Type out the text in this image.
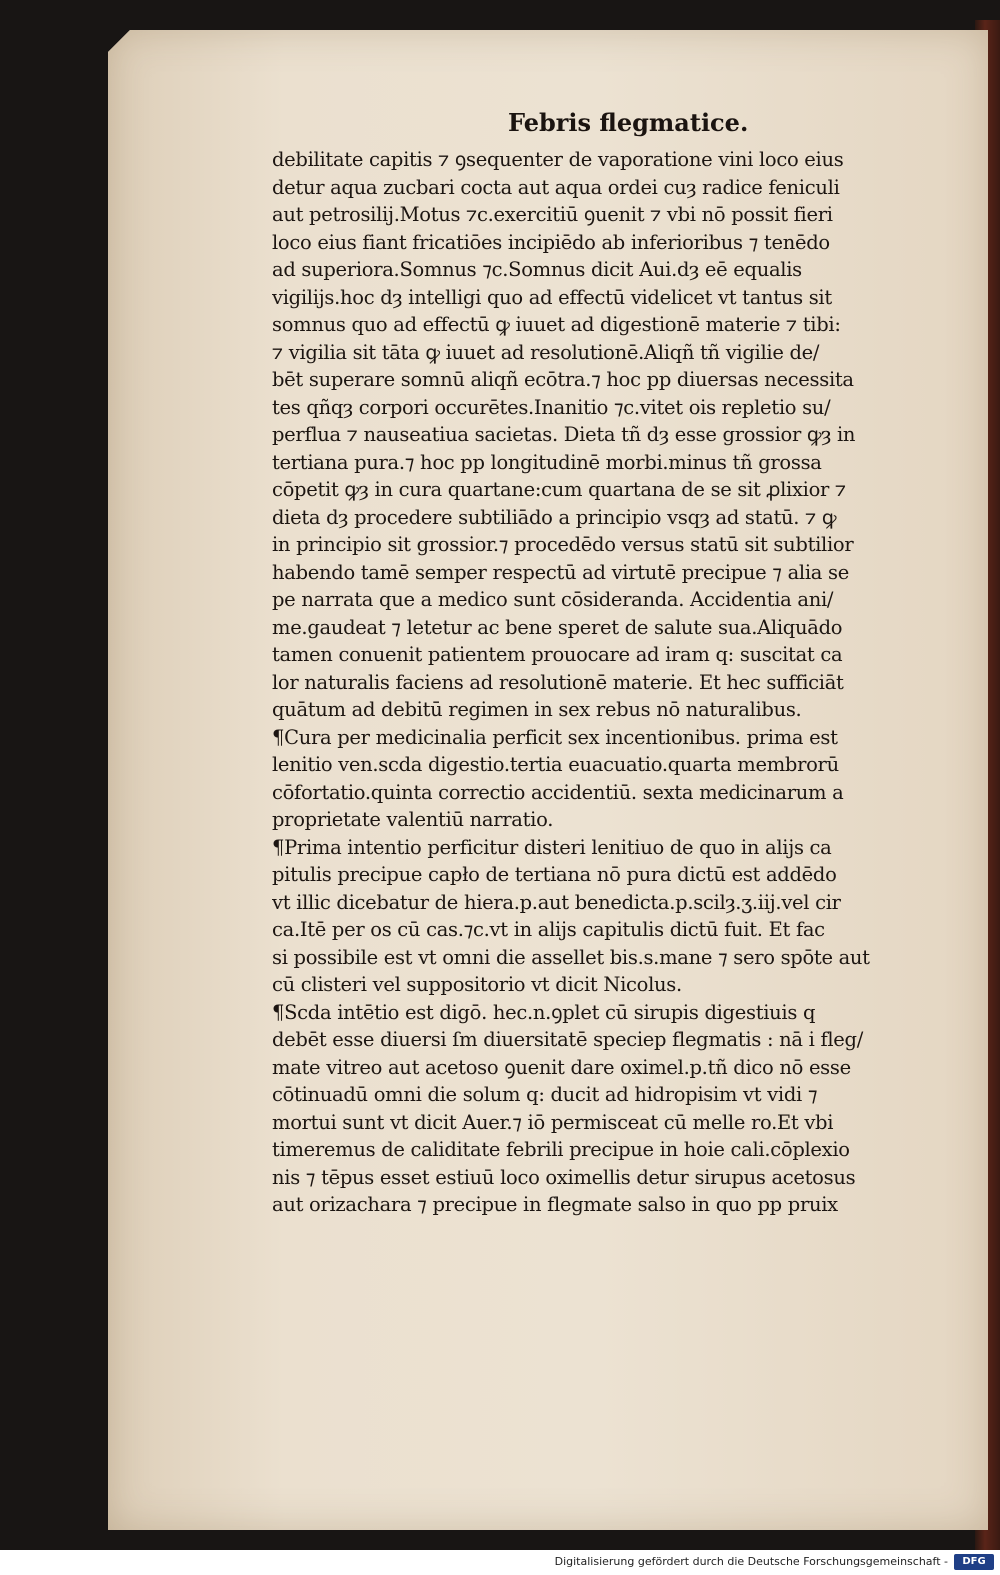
Febris flegmatice.
debilitate capitis ⁊ ꝯsequenter de vaporatione vini loco eius
detur aqua zucbari cocta aut aqua ordei cuȝ radice feniculi
aut petrosilij.Motus ⁊c.exercitiū ꝯuenit ⁊ vbi nō possit fieri
loco eius fiant fricatiōes incipiēdo ab inferioribus ⁊ tenēdo
ad superiora.Somnus ⁊c.Somnus dicit Aui.dȝ eē equalis
vigilijs.hoc dȝ intelligi quo ad effectū videlicet vt tantus sit
somnus quo ad effectū ꝙ iuuet ad digestionē materie ⁊ tibi:
⁊ vigilia sit tāta ꝙ iuuet ad resolutionē.Aliqñ tñ vigilie de/
bēt superare somnū aliqñ ecōtra.⁊ hoc pp diuersas necessita
tes qñqȝ corpori occurētes.Inanitio ⁊c.vitet ois repletio su/
perflua ⁊ nauseatiua sacietas. Dieta tñ dȝ esse grossior ꝙȝ in
tertiana pura.⁊ hoc pp longitudinē morbi.minus tñ grossa
cōpetit ꝙȝ in cura quartane:cum quartana de se sit ꝓlixior ⁊
dieta dȝ procedere subtiliādo a principio vsqȝ ad statū. ⁊ ꝙ
in principio sit grossior.⁊ procedēdo versus statū sit subtilior
habendo tamē semper respectū ad virtutē precipue ⁊ alia se
pe narrata que a medico sunt cōsideranda. Accidentia ani/
me.gaudeat ⁊ letetur ac bene speret de salute sua.Aliquādo
tamen conuenit patientem prouocare ad iram q: suscitat ca
lor naturalis faciens ad resolutionē materie. Et hec sufficiāt
quātum ad debitū regimen in sex rebus nō naturalibus.
¶Cura per medicinalia perficit sex incentionibus. prima est
lenitio ven.scda digestio.tertia euacuatio.quarta membrorū
cōfortatio.quinta correctio accidentiū. sexta medicinarum a
proprietate valentiū narratio.
¶Prima intentio perficitur disteri lenitiuo de quo in alijs ca
pitulis precipue capło de tertiana nō pura dictū est addēdo
vt illic dicebatur de hiera.p.aut benedicta.p.scilȝ.ʒ.iij.vel cir
ca.Itē per os cū cas.⁊c.vt in alijs capitulis dictū fuit. Et fac
si possibile est vt omni die assellet bis.s.mane ⁊ sero spōte aut
cū clisteri vel suppositorio vt dicit Nicolus.
¶Scda intētio est digō. hec.n.ꝯplet cū sirupis digestiuis q
debēt esse diuersi ſm diuersitatē speciep flegmatis : nā i fleg/
mate vitreo aut acetoso ꝯuenit dare oximel.p.tñ dico nō esse
cōtinuadū omni die solum q: ducit ad hidropisim vt vidi ⁊
mortui sunt vt dicit Auer.⁊ iō permisceat cū melle ro.Et vbi
timeremus de caliditate febrili precipue in hoie cali.cōplexio
nis ⁊ tēpus esset estiuū loco oximellis detur sirupus acetosus
aut orizachara ⁊ precipue in flegmate salso in quo pp pruix
Digitalisierung gefördert durch die Deutsche Forschungsgemeinschaft -	DFG
